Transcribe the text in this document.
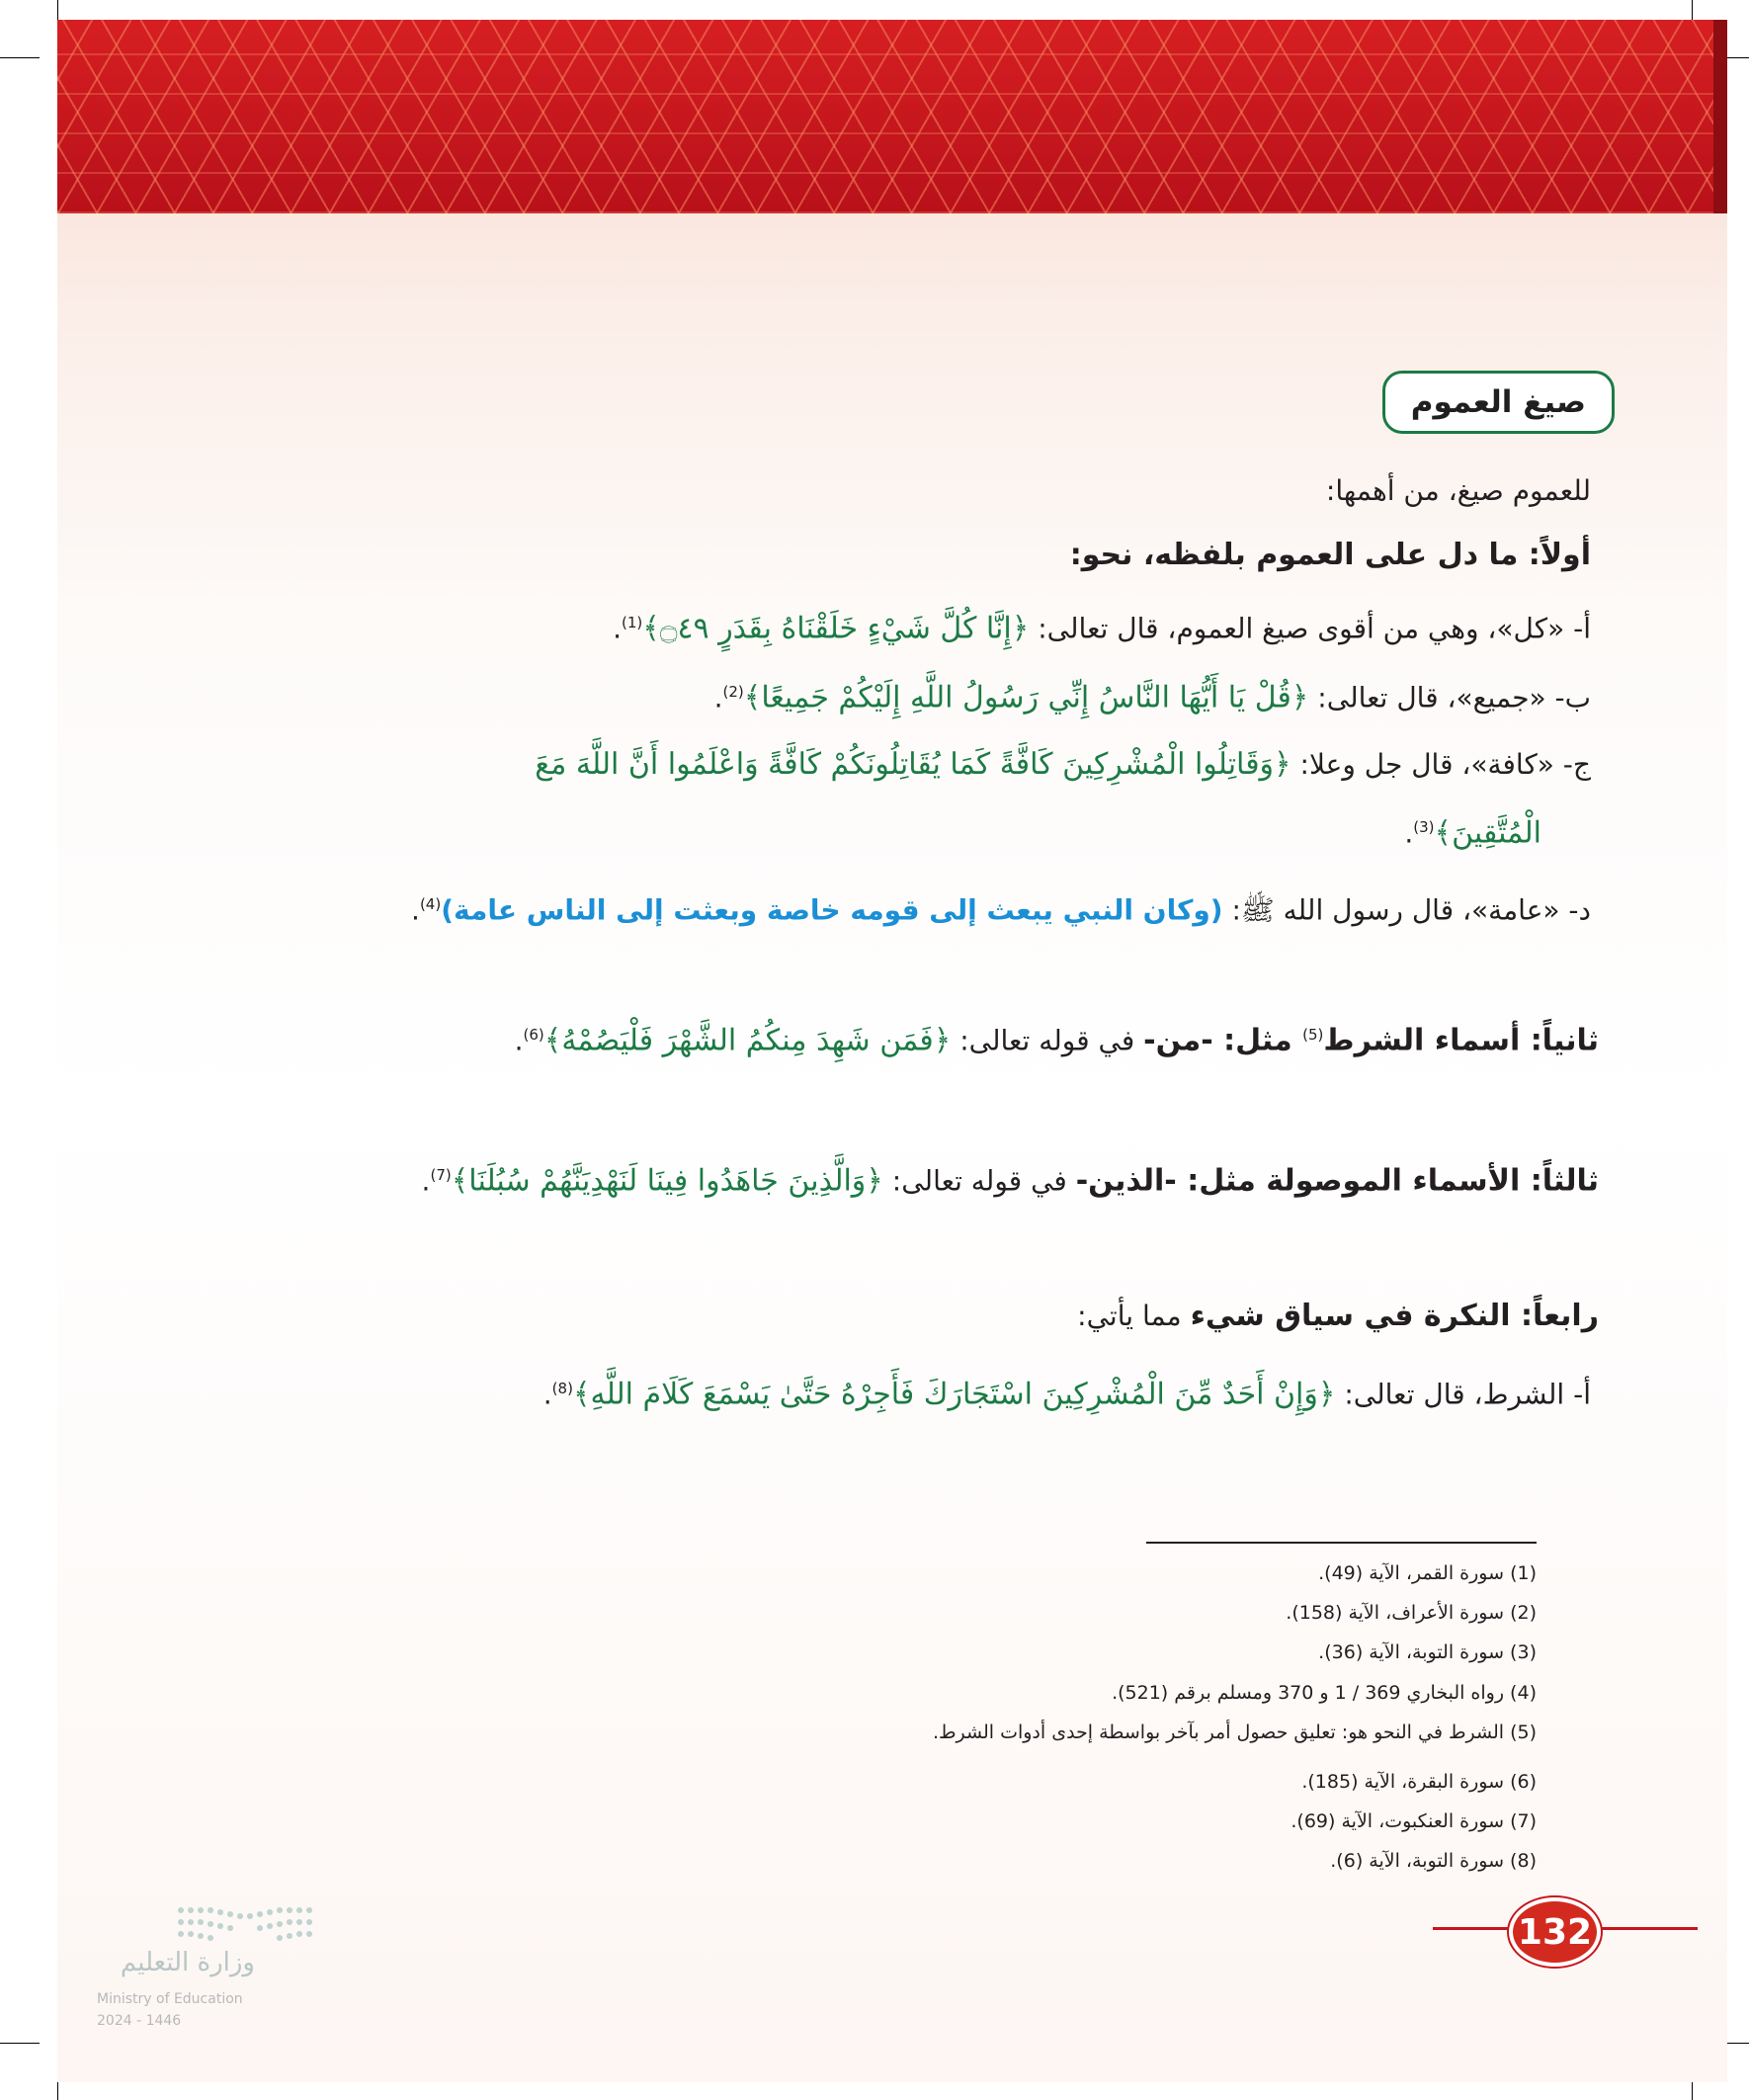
صيغ العموم
للعموم صيغ، من أهمها:
أولاً: ما دل على العموم بلفظه، نحو:
أ- «كل»، وهي من أقوى صيغ العموم، قال تعالى: ﴿إِنَّا كُلَّ شَيْءٍ خَلَقْنَاهُ بِقَدَرٍ ۝٤٩﴾$^{(1)}$.
ب- «جميع»، قال تعالى: ﴿قُلْ يَا أَيُّهَا النَّاسُ إِنِّي رَسُولُ اللَّهِ إِلَيْكُمْ جَمِيعًا﴾$^{(2)}$.
ج- «كافة»، قال جل وعلا: ﴿وَقَاتِلُوا الْمُشْرِكِينَ كَافَّةً كَمَا يُقَاتِلُونَكُمْ كَافَّةً وَاعْلَمُوا أَنَّ اللَّهَ مَعَ
الْمُتَّقِينَ﴾$^{(3)}$.
د- «عامة»، قال رسول الله ﷺ: (وكان النبي يبعث إلى قومه خاصة وبعثت إلى الناس عامة)$^{(4)}$.
ثانياً: أسماء الشرط$^{(5)}$ مثل: -من- في قوله تعالى: ﴿فَمَن شَهِدَ مِنكُمُ الشَّهْرَ فَلْيَصُمْهُ﴾$^{(6)}$.
ثالثاً: الأسماء الموصولة مثل: -الذين- في قوله تعالى: ﴿وَالَّذِينَ جَاهَدُوا فِينَا لَنَهْدِيَنَّهُمْ سُبُلَنَا﴾$^{(7)}$.
رابعاً: النكرة في سياق شيء مما يأتي:
أ- الشرط، قال تعالى: ﴿وَإِنْ أَحَدٌ مِّنَ الْمُشْرِكِينَ اسْتَجَارَكَ فَأَجِرْهُ حَتَّىٰ يَسْمَعَ كَلَامَ اللَّهِ﴾$^{(8)}$.
(1) سورة القمر، الآية (49).
(2) سورة الأعراف، الآية (158).
(3) سورة التوبة، الآية (36).
(4) رواه البخاري 369 / 1 و 370 ومسلم برقم (521).
(5) الشرط في النحو هو: تعليق حصول أمر بآخر بواسطة إحدى أدوات الشرط.
(6) سورة البقرة، الآية (185).
(7) سورة العنكبوت، الآية (69).
(8) سورة التوبة، الآية (6).
132
وزارة التعليم
Ministry of Education
2024 - 1446
